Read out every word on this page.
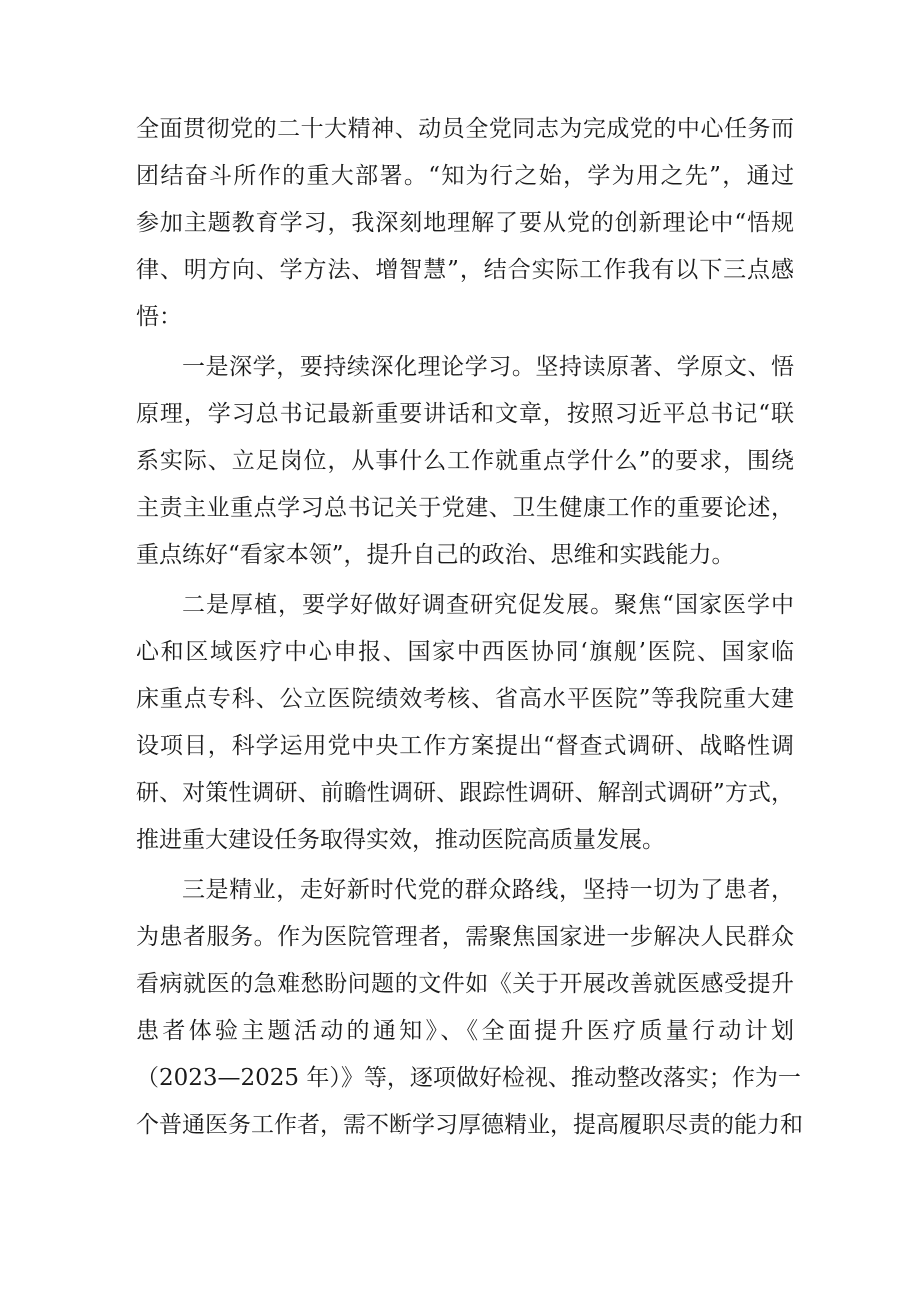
全面贯彻党的二十大精神、动员全党同志为完成党的中心任务而
团结奋斗所作的重大部署。“知为行之始，学为用之先”，通过
参加主题教育学习，我深刻地理解了要从党的创新理论中“悟规
律、明方向、学方法、增智慧”，结合实际工作我有以下三点感
悟：
一是深学，要持续深化理论学习。坚持读原著、学原文、悟
原理，学习总书记最新重要讲话和文章，按照习近平总书记“联
系实际、立足岗位，从事什么工作就重点学什么”的要求，围绕
主责主业重点学习总书记关于党建、卫生健康工作的重要论述，
重点练好“看家本领”，提升自己的政治、思维和实践能力。
二是厚植，要学好做好调查研究促发展。聚焦“国家医学中
心和区域医疗中心申报、国家中西医协同‘旗舰’医院、国家临
床重点专科、公立医院绩效考核、省高水平医院”等我院重大建
设项目，科学运用党中央工作方案提出“督查式调研、战略性调
研、对策性调研、前瞻性调研、跟踪性调研、解剖式调研”方式，
推进重大建设任务取得实效，推动医院高质量发展。
三是精业，走好新时代党的群众路线，坚持一切为了患者，
为患者服务。作为医院管理者，需聚焦国家进一步解决人民群众
看病就医的急难愁盼问题的文件如《关于开展改善就医感受提升
患者体验主题活动的通知》、《全面提升医疗质量行动计划
（2023—2025 年）》等，逐项做好检视、推动整改落实；作为一
个普通医务工作者，需不断学习厚德精业，提高履职尽责的能力和
